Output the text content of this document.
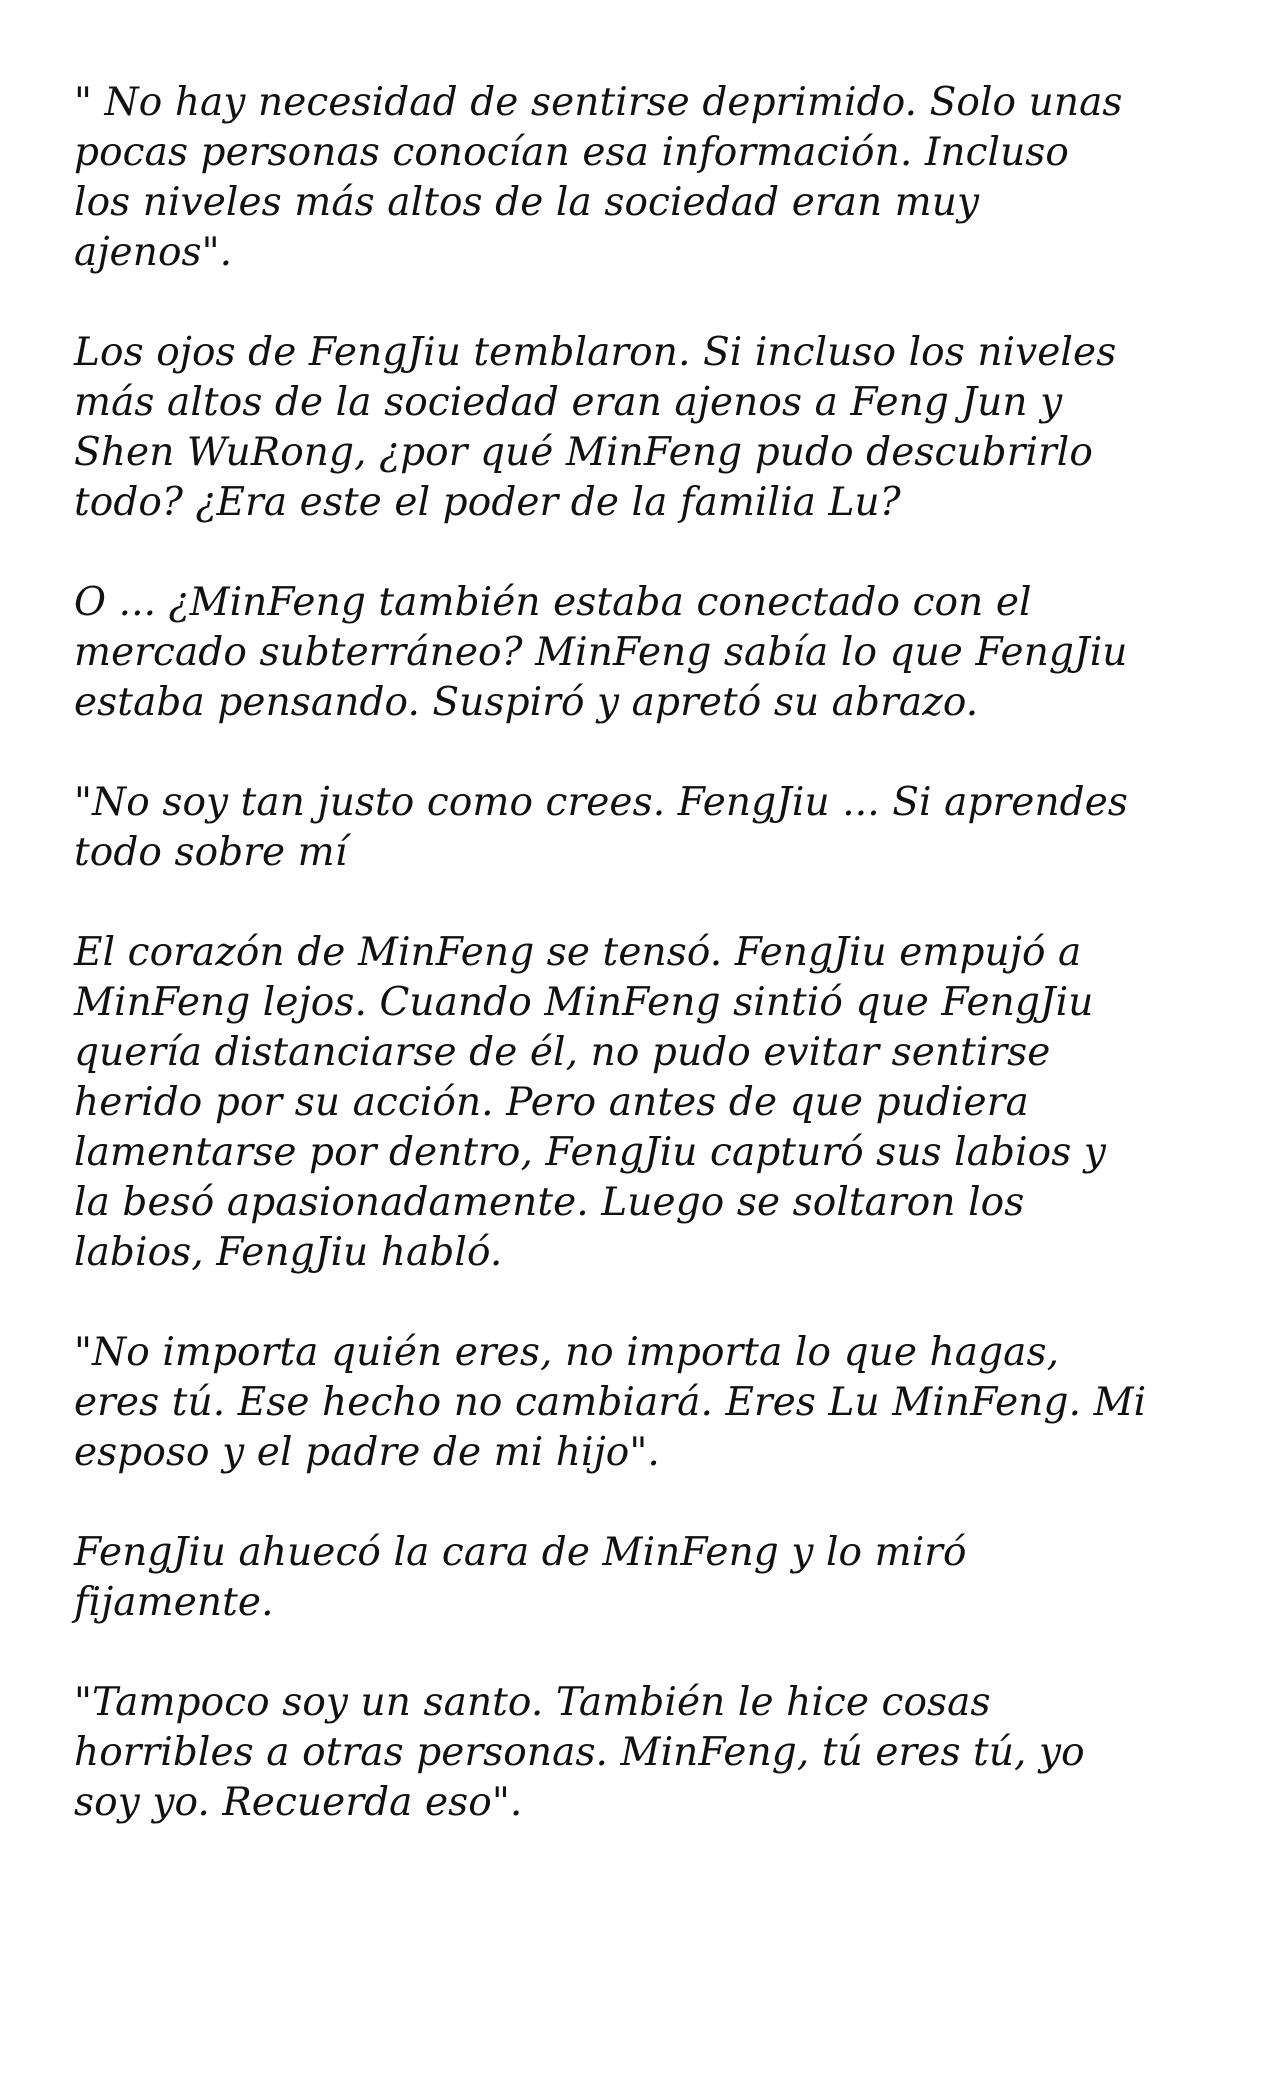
" No hay necesidad de sentirse deprimido. Solo unas
pocas personas conocían esa información. Incluso
los niveles más altos de la sociedad eran muy
ajenos".

Los ojos de FengJiu temblaron. Si incluso los niveles
más altos de la sociedad eran ajenos a Feng Jun y
Shen WuRong, ¿por qué MinFeng pudo descubrirlo
todo? ¿Era este el poder de la familia Lu?

O ... ¿MinFeng también estaba conectado con el
mercado subterráneo? MinFeng sabía lo que FengJiu
estaba pensando. Suspiró y apretó su abrazo.

"No soy tan justo como crees. FengJiu ... Si aprendes
todo sobre mí

El corazón de MinFeng se tensó. FengJiu empujó a
MinFeng lejos. Cuando MinFeng sintió que FengJiu
quería distanciarse de él, no pudo evitar sentirse
herido por su acción. Pero antes de que pudiera
lamentarse por dentro, FengJiu capturó sus labios y
la besó apasionadamente. Luego se soltaron los
labios, FengJiu habló.

"No importa quién eres, no importa lo que hagas,
eres tú. Ese hecho no cambiará. Eres Lu MinFeng. Mi
esposo y el padre de mi hijo".

FengJiu ahuecó la cara de MinFeng y lo miró
fijamente.

"Tampoco soy un santo. También le hice cosas
horribles a otras personas. MinFeng, tú eres tú, yo
soy yo. Recuerda eso".
